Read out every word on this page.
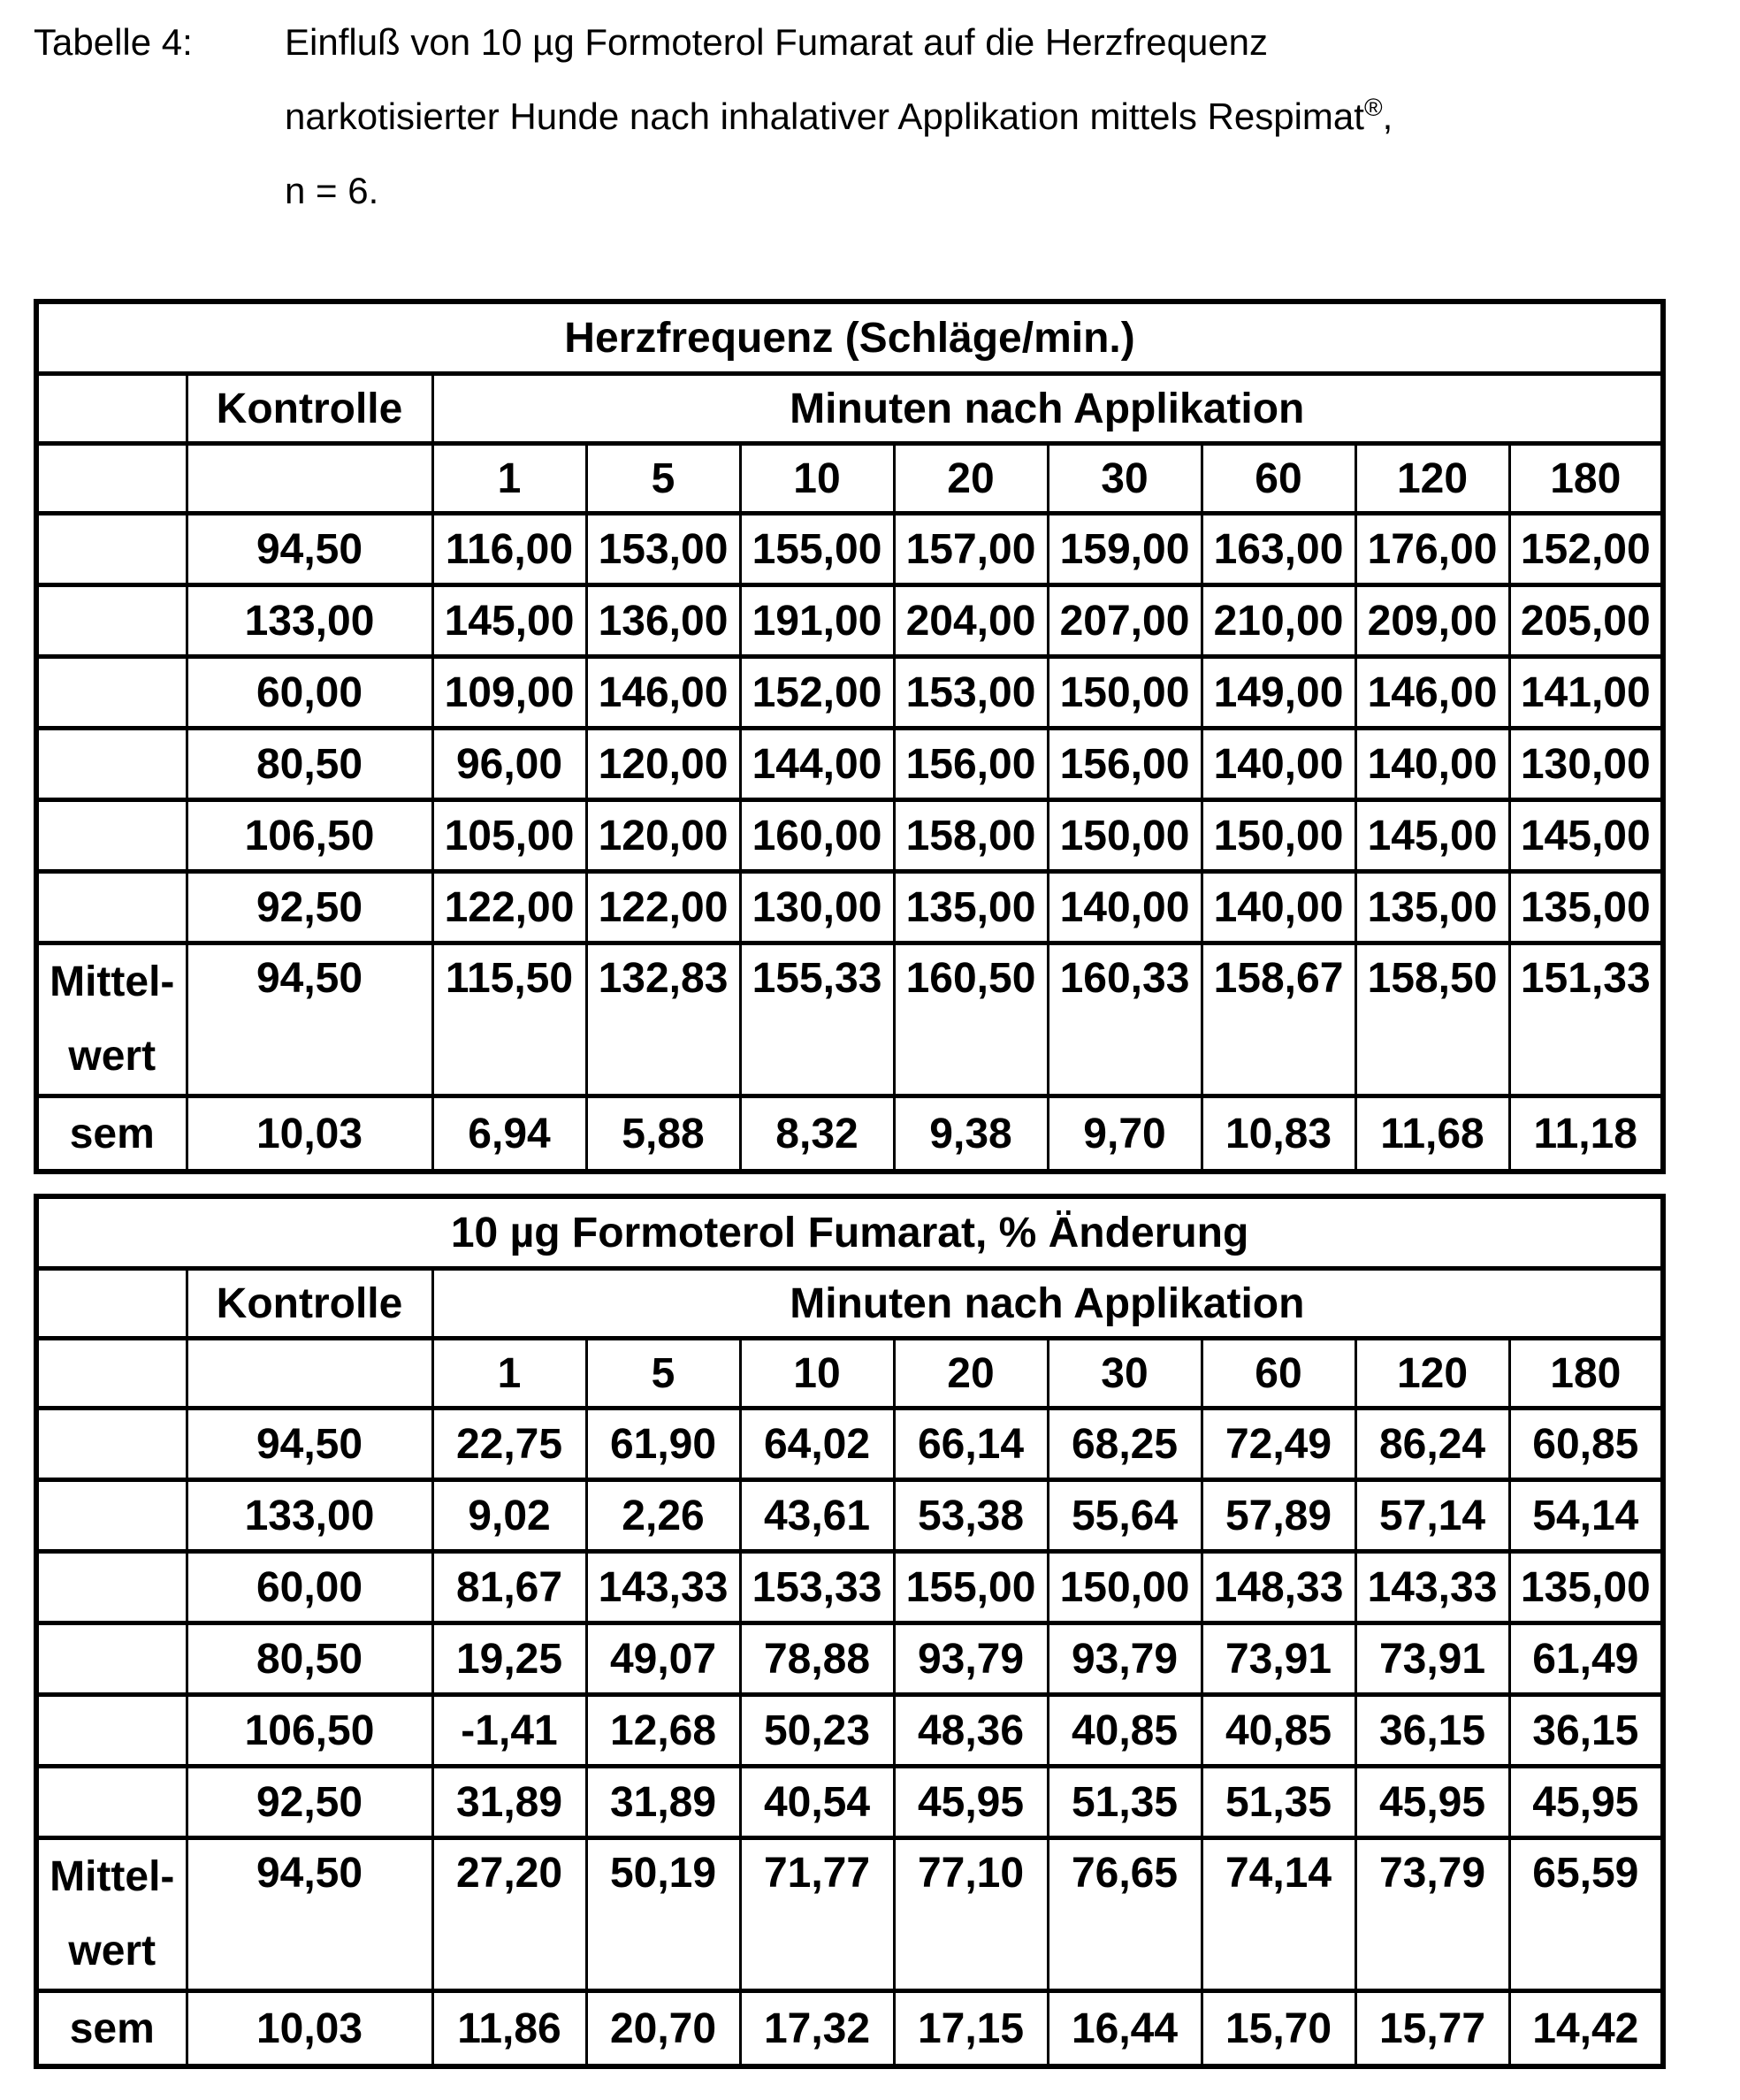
Tabelle 4:	Einfluß von 10 µg Formoterol Fumarat auf die Herzfrequenz
narkotisierter Hunde nach inhalativer Applikation mittels Respimat®,
n = 6.
Herzfrequenz (Schläge/min.)									
	Kontrolle	Minuten nach Applikation							
		1	5	10	20	30	60	120	180
	94,50	116,00	153,00	155,00	157,00	159,00	163,00	176,00	152,00
	133,00	145,00	136,00	191,00	204,00	207,00	210,00	209,00	205,00
	60,00	109,00	146,00	152,00	153,00	150,00	149,00	146,00	141,00
	80,50	96,00	120,00	144,00	156,00	156,00	140,00	140,00	130,00
	106,50	105,00	120,00	160,00	158,00	150,00	150,00	145,00	145,00
	92,50	122,00	122,00	130,00	135,00	140,00	140,00	135,00	135,00
Mittel-
wert	94,50	115,50	132,83	155,33	160,50	160,33	158,67	158,50	151,33
sem	10,03	6,94	5,88	8,32	9,38	9,70	10,83	11,68	11,18
10 µg Formoterol Fumarat, % Änderung									
	Kontrolle	Minuten nach Applikation							
		1	5	10	20	30	60	120	180
	94,50	22,75	61,90	64,02	66,14	68,25	72,49	86,24	60,85
	133,00	9,02	2,26	43,61	53,38	55,64	57,89	57,14	54,14
	60,00	81,67	143,33	153,33	155,00	150,00	148,33	143,33	135,00
	80,50	19,25	49,07	78,88	93,79	93,79	73,91	73,91	61,49
	106,50	-1,41	12,68	50,23	48,36	40,85	40,85	36,15	36,15
	92,50	31,89	31,89	40,54	45,95	51,35	51,35	45,95	45,95
Mittel-
wert	94,50	27,20	50,19	71,77	77,10	76,65	74,14	73,79	65,59
sem	10,03	11,86	20,70	17,32	17,15	16,44	15,70	15,77	14,42
